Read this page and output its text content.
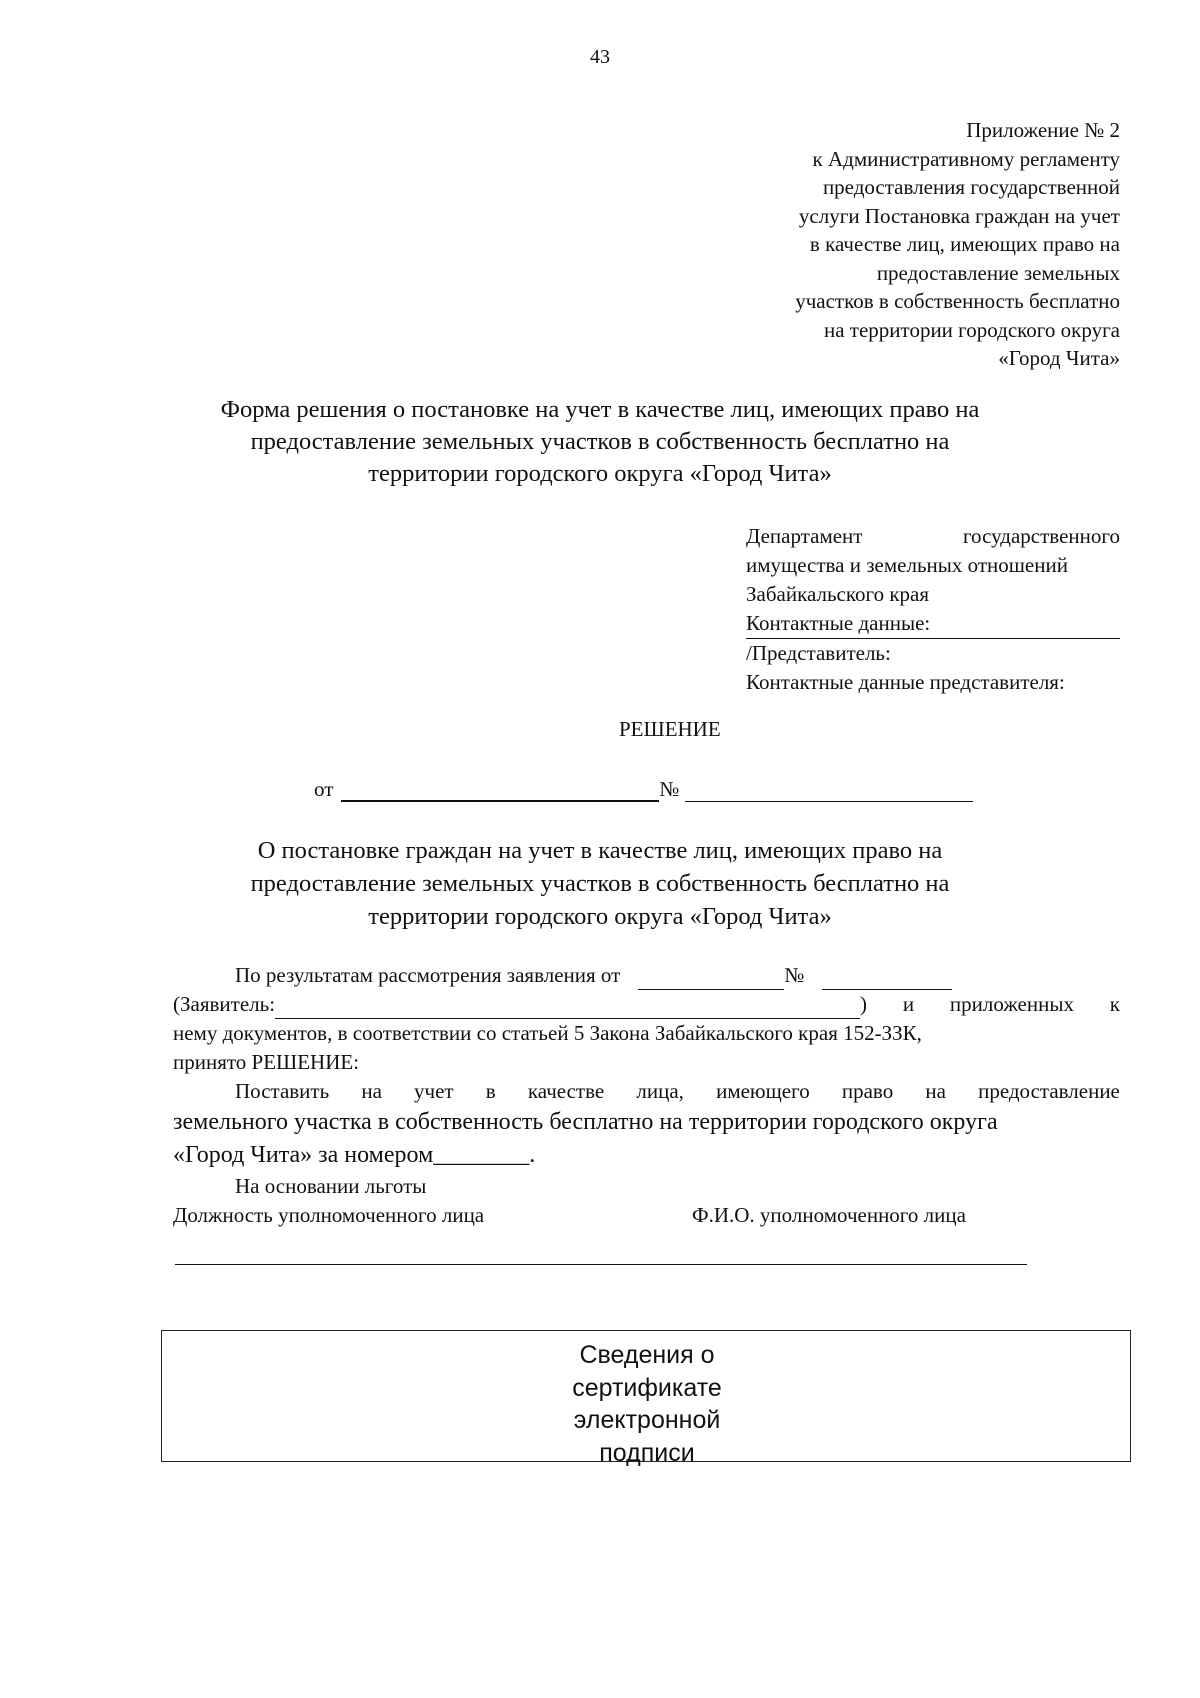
43
Приложение № 2
к Административному регламенту
предоставления государственной
услуги Постановка граждан на учет
в качестве лиц, имеющих право на
предоставление земельных
участков в собственность бесплатно
на территории городского округа
«Город Чита»
Форма решения о постановке на учет в качестве лиц, имеющих право на
предоставление земельных участков в собственность бесплатно на
территории городского округа «Город Чита»
Департамент	государственного
имущества и земельных отношений
Забайкальского края
Контактные данные:
/Представитель:
Контактные данные представителя:
РЕШЕНИЕ
от	№
О постановке граждан на учет в качестве лиц, имеющих право на
предоставление земельных участков в собственность бесплатно на
территории городского округа «Город Чита»
По результатам рассмотрения заявления от	№
(Заявитель:	) и приложенных к
нему документов, в соответствии со статьей 5 Закона Забайкальского края 152-ЗЗК,
принято РЕШЕНИЕ:
Поставить на учет в качестве лица, имеющего право на предоставление
земельного участка в собственность бесплатно на территории городского округа
«Город Чита» за номером ________ .
На основании льготы
Должность уполномоченного лица	Ф.И.О. уполномоченного лица
Сведения о
сертификате
электронной
подписи
